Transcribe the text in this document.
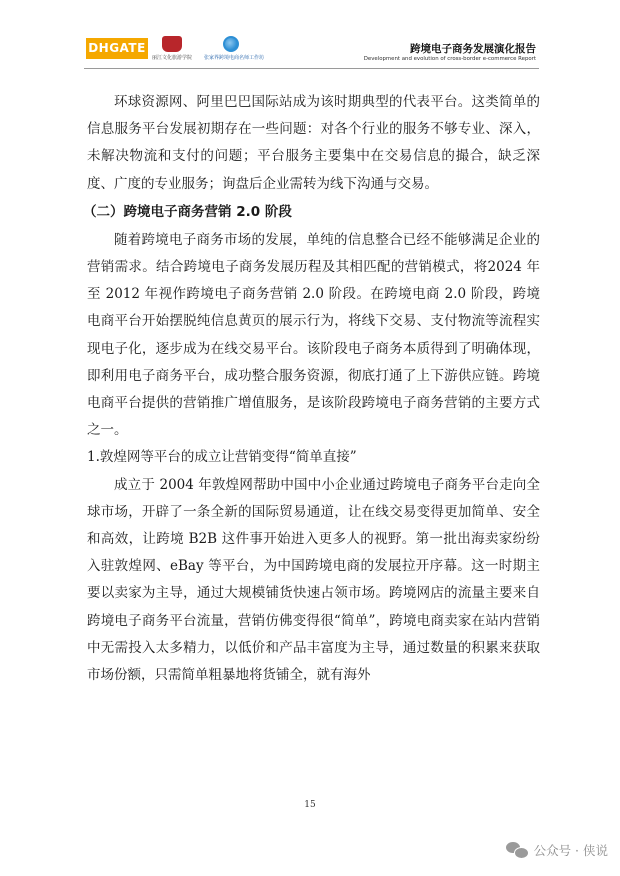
DHGATE
丽江文化旅游学院	张家界跨境电商名师工作坊
跨境电子商务发展演化报告
Development and evolution of cross-border e-commerce Report

环球资源网、阿里巴巴国际站成为该时期典型的代表平台。这类简单的信息服务平台发展初期存在一些问题：对各个行业的服务不够专业、深入，未解决物流和支付的问题；平台服务主要集中在交易信息的撮合，缺乏深度、广度的专业服务；询盘后企业需转为线下沟通与交易。

（二）跨境电子商务营销 2.0 阶段

随着跨境电子商务市场的发展，单纯的信息整合已经不能够满足企业的营销需求。结合跨境电子商务发展历程及其相匹配的营销模式，将2024 年至 2012 年视作跨境电子商务营销 2.0 阶段。在跨境电商 2.0 阶段，跨境电商平台开始摆脱纯信息黄页的展示行为，将线下交易、支付物流等流程实现电子化，逐步成为在线交易平台。该阶段电子商务本质得到了明确体现，即利用电子商务平台，成功整合服务资源，彻底打通了上下游供应链。跨境电商平台提供的营销推广增值服务，是该阶段跨境电子商务营销的主要方式之一。

1.敦煌网等平台的成立让营销变得“简单直接”

成立于 2004 年敦煌网帮助中国中小企业通过跨境电子商务平台走向全球市场，开辟了一条全新的国际贸易通道，让在线交易变得更加简单、安全和高效，让跨境 B2B 这件事开始进入更多人的视野。第一批出海卖家纷纷入驻敦煌网、eBay 等平台，为中国跨境电商的发展拉开序幕。这一时期主要以卖家为主导，通过大规模铺货快速占领市场。跨境网店的流量主要来自跨境电子商务平台流量，营销仿佛变得很“简单”，跨境电商卖家在站内营销中无需投入太多精力，以低价和产品丰富度为主导，通过数量的积累来获取市场份额，只需简单粗暴地将货铺全，就有海外

15
公众号 · 侠说
